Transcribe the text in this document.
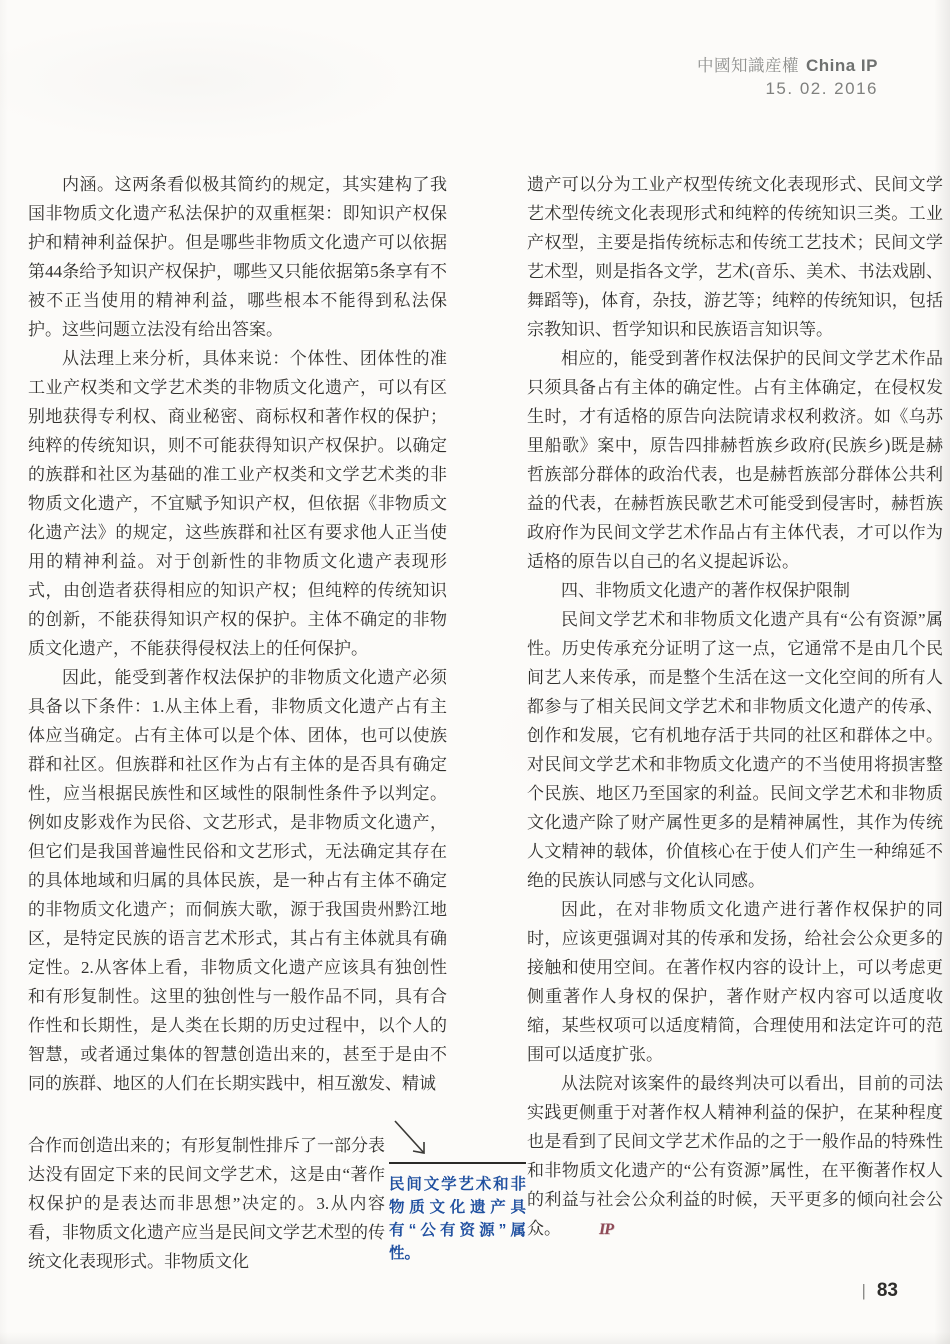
中國知識産權 China IP
15. 02. 2016

内涵。这两条看似极其简约的规定，其实建构了我国非物质文化遗产私法保护的双重框架：即知识产权保护和精神利益保护。但是哪些非物质文化遗产可以依据第44条给予知识产权保护，哪些又只能依据第5条享有不被不正当使用的精神利益，哪些根本不能得到私法保护。这些问题立法没有给出答案。

从法理上来分析，具体来说：个体性、团体性的准工业产权类和文学艺术类的非物质文化遗产，可以有区别地获得专利权、商业秘密、商标权和著作权的保护；纯粹的传统知识，则不可能获得知识产权保护。以确定的族群和社区为基础的准工业产权类和文学艺术类的非物质文化遗产，不宜赋予知识产权，但依据《非物质文化遗产法》的规定，这些族群和社区有要求他人正当使用的精神利益。对于创新性的非物质文化遗产表现形式，由创造者获得相应的知识产权；但纯粹的传统知识的创新，不能获得知识产权的保护。主体不确定的非物质文化遗产，不能获得侵权法上的任何保护。

因此，能受到著作权法保护的非物质文化遗产必须具备以下条件：1.从主体上看，非物质文化遗产占有主体应当确定。占有主体可以是个体、团体，也可以使族群和社区。但族群和社区作为占有主体的是否具有确定性，应当根据民族性和区域性的限制性条件予以判定。例如皮影戏作为民俗、文艺形式，是非物质文化遗产，但它们是我国普遍性民俗和文艺形式，无法确定其存在的具体地域和归属的具体民族，是一种占有主体不确定的非物质文化遗产；而侗族大歌，源于我国贵州黔江地区，是特定民族的语言艺术形式，其占有主体就具有确定性。2.从客体上看，非物质文化遗产应该具有独创性和有形复制性。这里的独创性与一般作品不同，具有合作性和长期性，是人类在长期的历史过程中，以个人的智慧，或者通过集体的智慧创造出来的，甚至于是由不同的族群、地区的人们在长期实践中，相互激发、精诚

合作而创造出来的；有形复制性排斥了一部分表达没有固定下来的民间文学艺术，这是由“著作权保护的是表达而非思想”决定的。3.从内容看，非物质文化遗产应当是民间文学艺术型的传统文化表现形式。非物质文化
民间文学艺术和非物质文化遗产具有“公有资源”属性。

遗产可以分为工业产权型传统文化表现形式、民间文学艺术型传统文化表现形式和纯粹的传统知识三类。工业产权型，主要是指传统标志和传统工艺技术；民间文学艺术型，则是指各文学，艺术(音乐、美术、书法戏剧、舞蹈等)，体育，杂技，游艺等；纯粹的传统知识，包括宗教知识、哲学知识和民族语言知识等。

相应的，能受到著作权法保护的民间文学艺术作品只须具备占有主体的确定性。占有主体确定，在侵权发生时，才有适格的原告向法院请求权利救济。如《乌苏里船歌》案中，原告四排赫哲族乡政府(民族乡)既是赫哲族部分群体的政治代表，也是赫哲族部分群体公共利益的代表，在赫哲族民歌艺术可能受到侵害时，赫哲族政府作为民间文学艺术作品占有主体代表，才可以作为适格的原告以自己的名义提起诉讼。

四、非物质文化遗产的著作权保护限制

民间文学艺术和非物质文化遗产具有“公有资源”属性。历史传承充分证明了这一点，它通常不是由几个民间艺人来传承，而是整个生活在这一文化空间的所有人都参与了相关民间文学艺术和非物质文化遗产的传承、创作和发展，它有机地存活于共同的社区和群体之中。对民间文学艺术和非物质文化遗产的不当使用将损害整个民族、地区乃至国家的利益。民间文学艺术和非物质文化遗产除了财产属性更多的是精神属性，其作为传统人文精神的载体，价值核心在于使人们产生一种绵延不绝的民族认同感与文化认同感。

因此，在对非物质文化遗产进行著作权保护的同时，应该更强调对其的传承和发扬，给社会公众更多的接触和使用空间。在著作权内容的设计上，可以考虑更侧重著作人身权的保护，著作财产权内容可以适度收缩，某些权项可以适度精简，合理使用和法定许可的范围可以适度扩张。

从法院对该案件的最终判决可以看出，目前的司法实践更侧重于对著作权人精神利益的保护，在某种程度也是看到了民间文学艺术作品的之于一般作品的特殊性和非物质文化遗产的“公有资源”属性，在平衡著作权人的利益与社会公众利益的时候，天平更多的倾向社会公众。 IP

| 83
